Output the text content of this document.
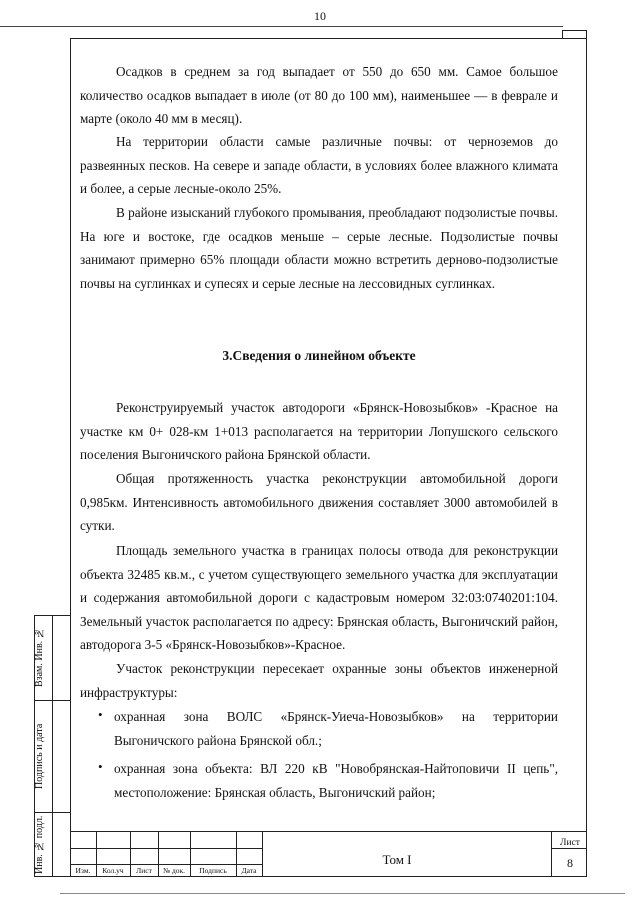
10
Взам. Инв. №
Подпись и дата
Инв. № подл.
Осадков в среднем за год выпадает от 550 до 650 мм. Самое большое количество осадков выпадает в июле (от 80 до 100 мм), наименьшее — в феврале и марте (около 40 мм в месяц).
На территории области самые различные почвы: от черноземов до развеянных песков. На севере и западе области, в условиях более влажного климата и более, а серые лесные-около 25%.
В районе изысканий глубокого промывания, преобладают подзолистые почвы. На юге и востоке, где осадков меньше – серые лесные. Подзолистые почвы занимают примерно 65% площади области можно встретить дерново-подзолистые почвы на суглинках и супесях и серые лесные на лессовидных суглинках.
3.Сведения о линейном объекте
Реконструируемый участок автодороги «Брянск-Новозыбков» -Красное на участке км 0+ 028-км 1+013 располагается на территории Лопушского сельского поселения Выгоничского района Брянской области.
Общая протяженность участка реконструкции автомобильной дороги 0,985км. Интенсивность автомобильного движения составляет 3000 автомобилей в сутки.
Площадь земельного участка в границах полосы отвода для реконструкции объекта 32485 кв.м., с учетом существующего земельного участка для эксплуатации и содержания автомобильной дороги с кадастровым номером 32:03:0740201:104. Земельный участок располагается по адресу: Брянская область, Выгоничский район, автодорога 3-5 «Брянск-Новозыбков»-Красное.
Участок реконструкции пересекает охранные зоны объектов инженерной инфраструктуры:
• охранная зона ВОЛС «Брянск-Уиеча-Новозыбков» на территории Выгоничского района Брянской обл.;
• охранная зона объекта: ВЛ 220 кВ "Новобрянская-Найтоповичи II цепь", местоположение: Брянская область, Выгоничский район;
Изм.	Кол.уч	Лист	№ док.	Подпись	Дата
Том I
Лист
8
